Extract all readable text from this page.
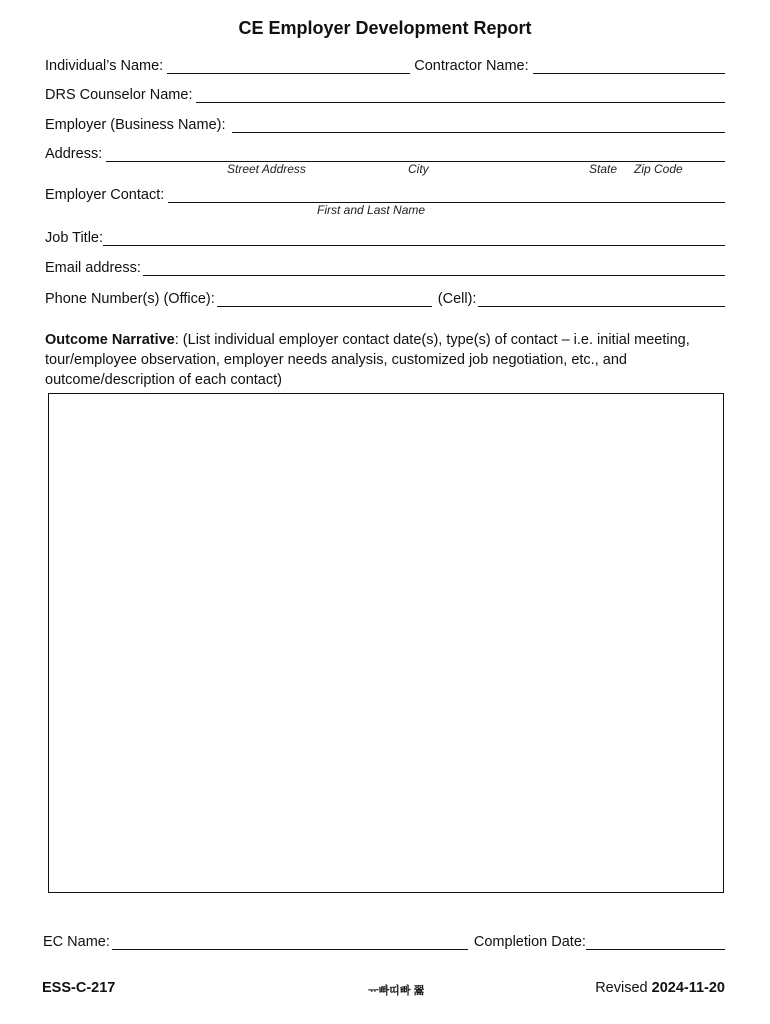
CE Employer Development Report
Individual’s Name:	Contractor Name:
DRS Counselor Name:
Employer (Business Name):
Address:
Street Address	City	State Zip Code
Employer Contact:
First and Last Name
Job Title:
Email address:
Phone Number(s) (Office):	(Cell):
Outcome Narrative: (List individual employer contact date(s), type(s) of contact – i.e. initial meeting, tour/employee observation, employer needs analysis, customized job negotiation, etc., and outcome/description of each contact)
EC Name:	Completion Date:
ESS-C-217	ᅲ빠띠빠 翯	Revised 2024-11-20
